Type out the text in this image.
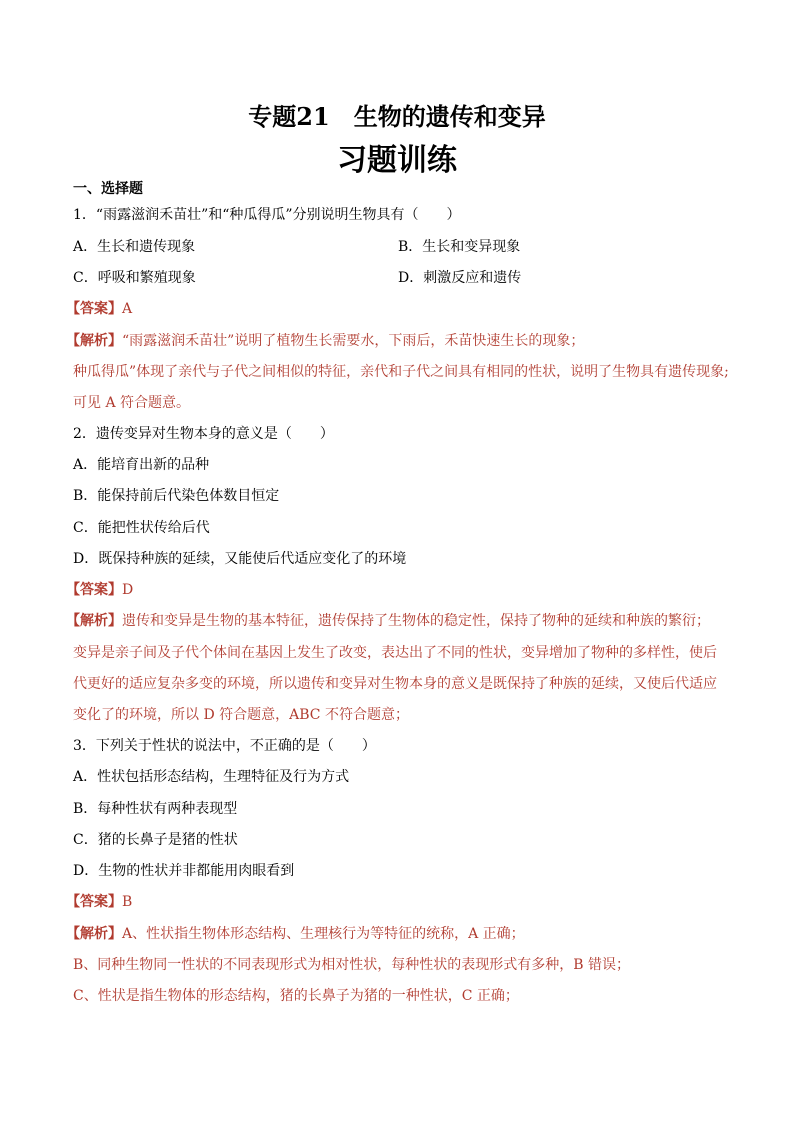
专题21　生物的遗传和变异
习题训练
一、选择题
1．“雨露滋润禾苗壮”和“种瓜得瓜”分别说明生物具有（　　）
A．生长和遗传现象	B．生长和变异现象
C．呼吸和繁殖现象	D．刺激反应和遗传
【答案】A
【解析】“雨露滋润禾苗壮”说明了植物生长需要水，下雨后，禾苗快速生长的现象；
种瓜得瓜”体现了亲代与子代之间相似的特征，亲代和子代之间具有相同的性状，说明了生物具有遗传现象;
可见 A 符合题意。
2．遗传变异对生物本身的意义是（　　）
A．能培育出新的品种
B．能保持前后代染色体数目恒定
C．能把性状传给后代
D．既保持种族的延续，又能使后代适应变化了的环境
【答案】D
【解析】遗传和变异是生物的基本特征，遗传保持了生物体的稳定性，保持了物种的延续和种族的繁衍；
变异是亲子间及子代个体间在基因上发生了改变，表达出了不同的性状，变异增加了物种的多样性，使后
代更好的适应复杂多变的环境，所以遗传和变异对生物本身的意义是既保持了种族的延续，又使后代适应
变化了的环境，所以 D 符合题意，ABC 不符合题意；
3．下列关于性状的说法中，不正确的是（　　）
A．性状包括形态结构，生理特征及行为方式
B．每种性状有两种表现型
C．猪的长鼻子是猪的性状
D．生物的性状并非都能用肉眼看到
【答案】B
【解析】A、性状指生物体形态结构、生理核行为等特征的统称，A 正确；
B、同种生物同一性状的不同表现形式为相对性状，每种性状的表现形式有多种，B 错误；
C、性状是指生物体的形态结构，猪的长鼻子为猪的一种性状，C 正确；
